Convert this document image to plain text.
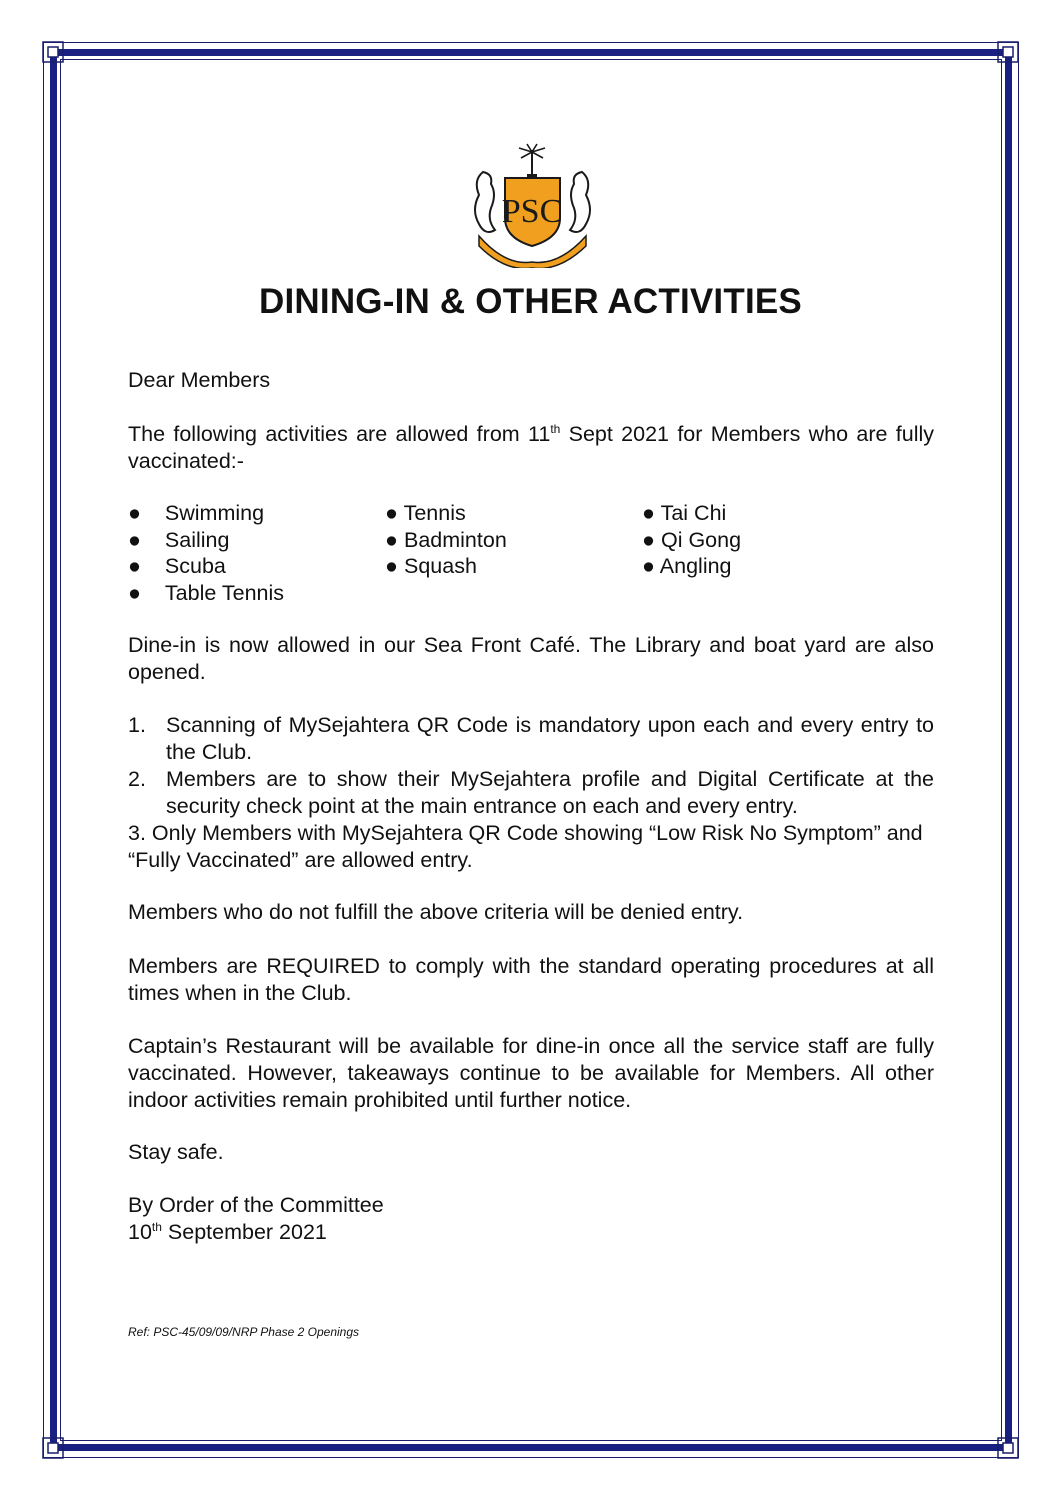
PSC
DINING-IN & OTHER ACTIVITIES

Dear Members

The following activities are allowed from 11th Sept 2021 for Members who are fully vaccinated:-

● Swimming
● Sailing
● Scuba
● Table Tennis
● Tennis
● Badminton
● Squash
● Tai Chi
● Qi Gong
● Angling

Dine-in is now allowed in our Sea Front Café. The Library and boat yard are also opened.

1. Scanning of MySejahtera QR Code is mandatory upon each and every entry to the Club.
2. Members are to show their MySejahtera profile and Digital Certificate at the security check point at the main entrance on each and every entry.
3. Only Members with MySejahtera QR Code showing “Low Risk No Symptom” and “Fully Vaccinated” are allowed entry.

Members who do not fulfill the above criteria will be denied entry.

Members are REQUIRED to comply with the standard operating procedures at all times when in the Club.

Captain’s Restaurant will be available for dine-in once all the service staff are fully vaccinated. However, takeaways continue to be available for Members. All other indoor activities remain prohibited until further notice.

Stay safe.

By Order of the Committee
10th September 2021

Ref: PSC-45/09/09/NRP Phase 2 Openings
